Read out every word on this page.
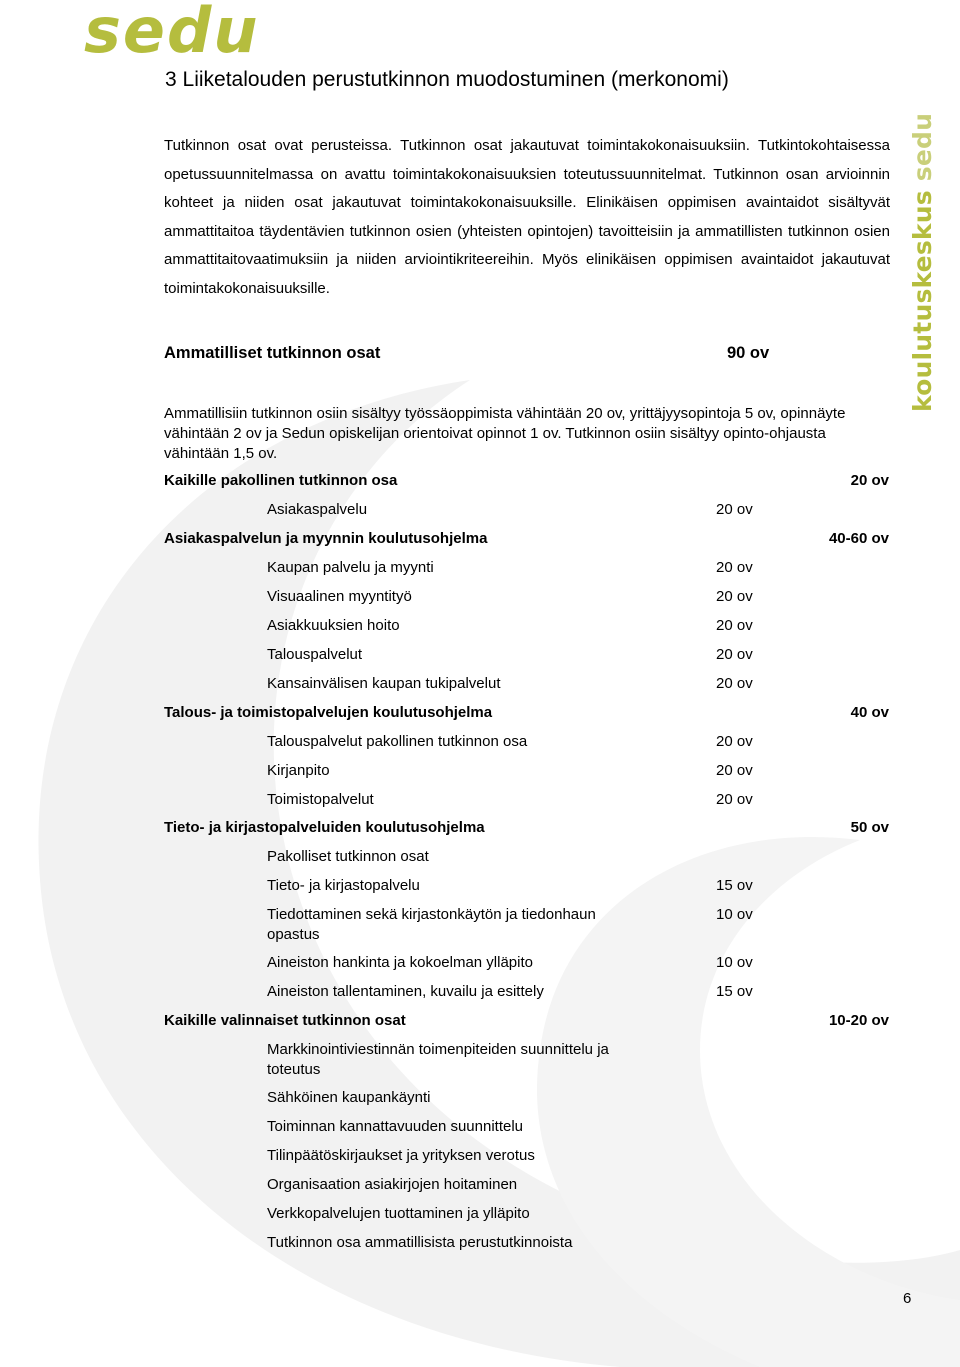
sedu
koulutuskeskus sedu
3 Liiketalouden perustutkinnon muodostuminen (merkonomi)

Tutkinnon osat ovat perusteissa. Tutkinnon osat jakautuvat toimintakokonaisuuksiin. Tutkintokohtaisessa opetussuunnitelmassa on avattu toimintakokonaisuuksien toteutussuunnitelmat. Tutkinnon osan arvioinnin kohteet ja niiden osat jakautuvat toimintakokonaisuuksille. Elinikäisen oppimisen avaintaidot sisältyvät ammattitaitoa täydentävien tutkinnon osien (yhteisten opintojen) tavoitteisiin ja ammatillisten tutkinnon osien ammattitaitovaatimuksiin ja niiden arviointikriteereihin. Myös elinikäisen oppimisen avaintaidot jakautuvat toimintakokonaisuuksille.

Ammatilliset tutkinnon osat	90 ov

Ammatillisiin tutkinnon osiin sisältyy työssäoppimista vähintään 20 ov, yrittäjyysopintoja 5 ov, opinnäyte vähintään 2 ov ja Sedun opiskelijan orientoivat opinnot 1 ov. Tutkinnon osiin sisältyy opinto-ohjausta vähintään 1,5 ov.

Kaikille pakollinen tutkinnon osa	20 ov
Asiakaspalvelu	20 ov
Asiakaspalvelun ja myynnin koulutusohjelma	40-60 ov
Kaupan palvelu ja myynti	20 ov
Visuaalinen myyntityö	20 ov
Asiakkuuksien hoito	20 ov
Talouspalvelut	20 ov
Kansainvälisen kaupan tukipalvelut	20 ov
Talous- ja toimistopalvelujen koulutusohjelma	40 ov
Talouspalvelut pakollinen tutkinnon osa	20 ov
Kirjanpito	20 ov
Toimistopalvelut	20 ov
Tieto- ja kirjastopalveluiden koulutusohjelma	50 ov
Pakolliset tutkinnon osat
Tieto- ja kirjastopalvelu	15 ov
Tiedottaminen sekä kirjastonkäytön ja tiedonhaun opastus
10 ov
Aineiston hankinta ja kokoelman ylläpito	10 ov
Aineiston tallentaminen, kuvailu ja esittely	15 ov
Kaikille valinnaiset tutkinnon osat	10-20 ov
Markkinointiviestinnän toimenpiteiden suunnittelu ja toteutus
Sähköinen kaupankäynti
Toiminnan kannattavuuden suunnittelu
Tilinpäätöskirjaukset ja yrityksen verotus
Organisaation asiakirjojen hoitaminen
Verkkopalvelujen tuottaminen ja ylläpito
Tutkinnon osa ammatillisista perustutkinnoista
6
